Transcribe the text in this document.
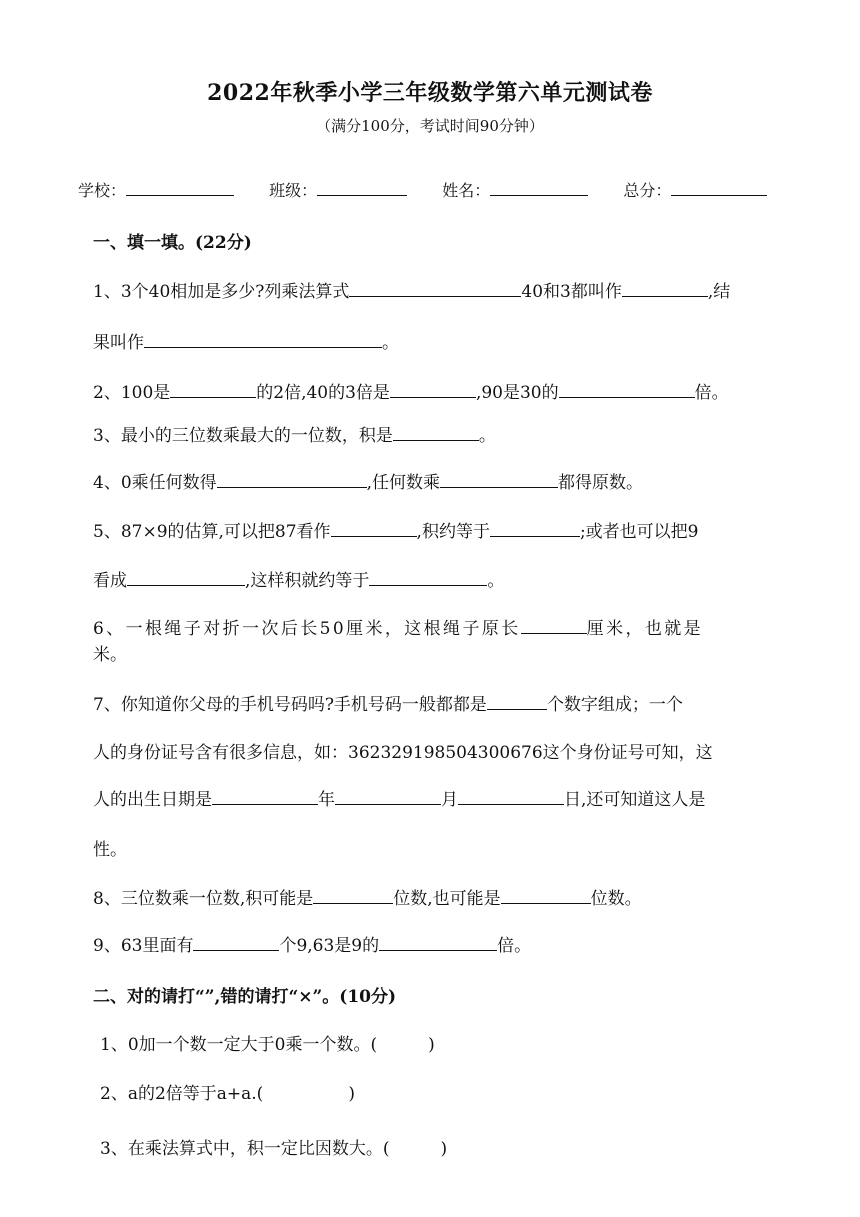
2022年秋季小学三年级数学第六单元测试卷
（满分100分，考试时间90分钟）
学校：	班级：	姓名：	总分：
一、填一填。(22分)
1、3个40相加是多少?列乘法算式	40和3都叫作	,结
果叫作	。
2、100是	的2倍,40的3倍是	,90是30的	倍。
3、最小的三位数乘最大的一位数，积是	。
4、0乘任何数得	,任何数乘	都得原数。
5、87×9的估算,可以把87看作	,积约等于	;或者也可以把9
看成	,这样积就约等于	。
6、一根绳子对折一次后长50厘米，这根绳子原长	厘米，也就是
米。
7、你知道你父母的手机号码吗?手机号码一般都都是	个数字组成；一个
人的身份证号含有很多信息，如：362329198504300676这个身份证号可知，这
人的出生日期是	年	月	日,还可知道这人是
性。
8、三位数乘一位数,积可能是	位数,也可能是	位数。
9、63里面有	个9,63是9的	倍。
二、对的请打“”,错的请打“×”。(10分)
1、0加一个数一定大于0乘一个数。(　　　)
2、a的2倍等于a+a.(　　　　　)
3、在乘法算式中，积一定比因数大。(　　　)
